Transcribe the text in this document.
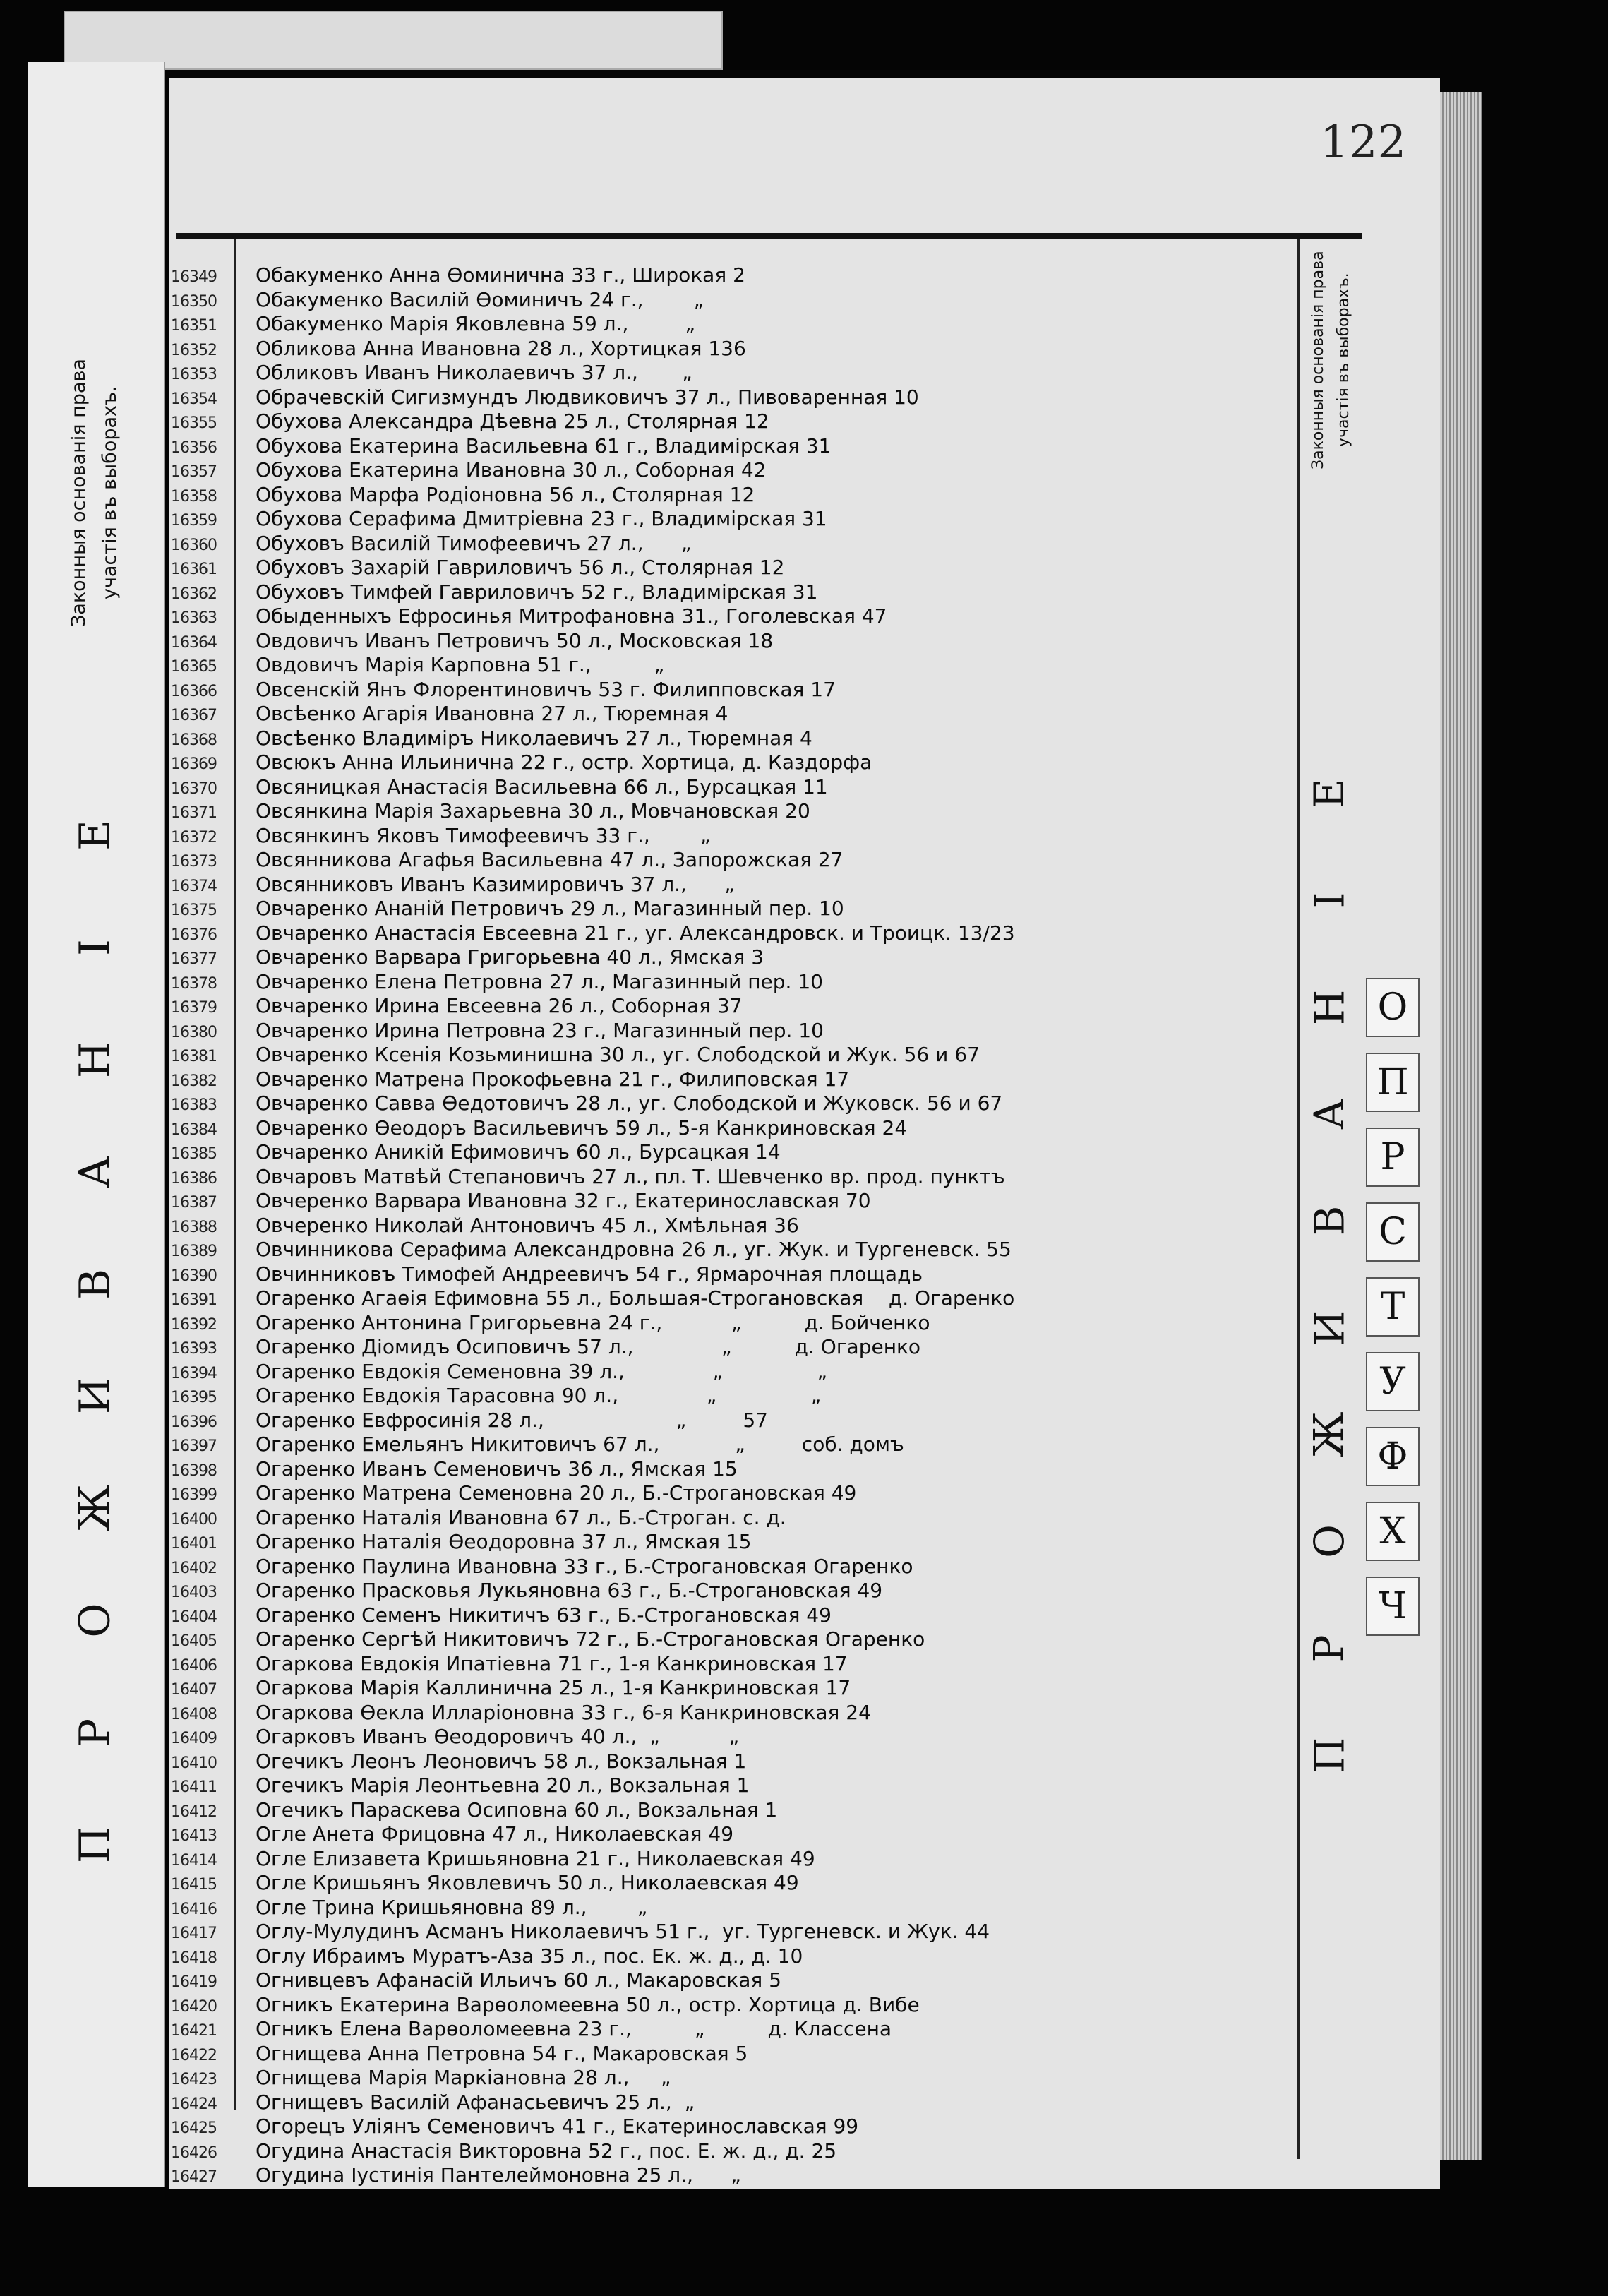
Законныя основанія права участія въ выборахъ.
Е
І
Н
А
В
И
Ж
О
Р
П
122
Законныя основанія права участія въ выборахъ.
Е
І
Н
А
В
И
Ж
О
Р
П
О
П
Р
С
Т
У
Ф
Х
Ч
16349	Обакуменко Анна Ѳоминична 33 г., Широкая 2
16350	Обакуменко Василій Ѳоминичъ 24 г.,        „
16351	Обакуменко Марія Яковлевна 59 л.,         „
16352	Обликова Анна Ивановна 28 л., Хортицкая 136
16353	Обликовъ Иванъ Николаевичъ 37 л.,       „
16354	Обрачевскій Сигизмундъ Людвиковичъ 37 л., Пивоваренная 10
16355	Обухова Александра Дѣевна 25 л., Столярная 12
16356	Обухова Екатерина Васильевна 61 г., Владимірская 31
16357	Обухова Екатерина Ивановна 30 л., Соборная 42
16358	Обухова Марфа Родіоновна 56 л., Столярная 12
16359	Обухова Серафима Дмитріевна 23 г., Владимірская 31
16360	Обуховъ Василій Тимофеевичъ 27 л.,      „
16361	Обуховъ Захарій Гавриловичъ 56 л., Столярная 12
16362	Обуховъ Тимфей Гавриловичъ 52 г., Владимірская 31
16363	Обыденныхъ Ефросинья Митрофановна 31., Гоголевская 47
16364	Овдовичъ Иванъ Петровичъ 50 л., Московская 18
16365	Овдовичъ Марія Карповна 51 г.,          „
16366	Овсенскій Янъ Флорентиновичъ 53 г. Филипповская 17
16367	Овсѣенко Агарія Ивановна 27 л., Тюремная 4
16368	Овсѣенко Владиміръ Николаевичъ 27 л., Тюремная 4
16369	Овсюкъ Анна Ильинична 22 г., остр. Хортица, д. Каздорфа
16370	Овсяницкая Анастасія Васильевна 66 л., Бурсацкая 11
16371	Овсянкина Марія Захарьевна 30 л., Мовчановская 20
16372	Овсянкинъ Яковъ Тимофеевичъ 33 г.,        „
16373	Овсянникова Агафья Васильевна 47 л., Запорожская 27
16374	Овсянниковъ Иванъ Казимировичъ 37 л.,      „
16375	Овчаренко Ананій Петровичъ 29 л., Магазинный пер. 10
16376	Овчаренко Анастасія Евсеевна 21 г., уг. Александровск. и Троицк. 13/23
16377	Овчаренко Варвара Григорьевна 40 л., Ямская 3
16378	Овчаренко Елена Петровна 27 л., Магазинный пер. 10
16379	Овчаренко Ирина Евсеевна 26 л., Соборная 37
16380	Овчаренко Ирина Петровна 23 г., Магазинный пер. 10
16381	Овчаренко Ксенія Козьминишна 30 л., уг. Слободской и Жук. 56 и 67
16382	Овчаренко Матрена Прокофьевна 21 г., Филиповская 17
16383	Овчаренко Савва Ѳедотовичъ 28 л., уг. Слободской и Жуковск. 56 и 67
16384	Овчаренко Ѳеодоръ Васильевичъ 59 л., 5-я Канкриновская 24
16385	Овчаренко Аникій Ефимовичъ 60 л., Бурсацкая 14
16386	Овчаровъ Матвѣй Степановичъ 27 л., пл. Т. Шевченко вр. прод. пунктъ
16387	Овчеренко Варвара Ивановна 32 г., Екатеринославская 70
16388	Овчеренко Николай Антоновичъ 45 л., Хмѣльная 36
16389	Овчинникова Серафима Александровна 26 л., уг. Жук. и Тургеневск. 55
16390	Овчинниковъ Тимофей Андреевичъ 54 г., Ярмарочная площадь
16391	Огаренко Агаѳія Ефимовна 55 л., Большая-Строгановская    д. Огаренко
16392	Огаренко Антонина Григорьевна 24 г.,           „          д. Бойченко
16393	Огаренко Діомидъ Осиповичъ 57 л.,              „          д. Огаренко
16394	Огаренко Евдокія Семеновна 39 л.,              „               „
16395	Огаренко Евдокія Тарасовна 90 л.,              „               „
16396	Огаренко Евфросинія 28 л.,                     „         57
16397	Огаренко Емельянъ Никитовичъ 67 л.,            „         соб. домъ
16398	Огаренко Иванъ Семеновичъ 36 л., Ямская 15
16399	Огаренко Матрена Семеновна 20 л., Б.-Строгановская 49
16400	Огаренко Наталія Ивановна 67 л., Б.-Строган. с. д.
16401	Огаренко Наталія Ѳеодоровна 37 л., Ямская 15
16402	Огаренко Паулина Ивановна 33 г., Б.-Строгановская Огаренко
16403	Огаренко Прасковья Лукьяновна 63 г., Б.-Строгановская 49
16404	Огаренко Семенъ Никитичъ 63 г., Б.-Строгановская 49
16405	Огаренко Сергѣй Никитовичъ 72 г., Б.-Строгановская Огаренко
16406	Огаркова Евдокія Ипатіевна 71 г., 1-я Канкриновская 17
16407	Огаркова Марія Каллинична 25 л., 1-я Канкриновская 17
16408	Огаркова Ѳекла Илларіоновна 33 г., 6-я Канкриновская 24
16409	Огарковъ Иванъ Ѳеодоровичъ 40 л.,  „           „
16410	Огечикъ Леонъ Леоновичъ 58 л., Вокзальная 1
16411	Огечикъ Марія Леонтьевна 20 л., Вокзальная 1
16412	Огечикъ Параскева Осиповна 60 л., Вокзальная 1
16413	Огле Анета Фрицовна 47 л., Николаевская 49
16414	Огле Елизавета Кришьяновна 21 г., Николаевская 49
16415	Огле Кришьянъ Яковлевичъ 50 л., Николаевская 49
16416	Огле Трина Кришьяновна 89 л.,        „
16417	Оглу-Мулудинъ Асманъ Николаевичъ 51 г.,  уг. Тургеневск. и Жук. 44
16418	Оглу Ибраимъ Муратъ-Аза 35 л., пос. Ек. ж. д., д. 10
16419	Огнивцевъ Афанасій Ильичъ 60 л., Макаровская 5
16420	Огникъ Екатерина Варѳоломеевна 50 л., остр. Хортица д. Вибе
16421	Огникъ Елена Варѳоломеевна 23 г.,          „          д. Классена
16422	Огнищева Анна Петровна 54 г., Макаровская 5
16423	Огнищева Марія Маркіановна 28 л.,     „
16424	Огнищевъ Василій Афанасьевичъ 25 л.,  „
16425	Огорецъ Уліянъ Семеновичъ 41 г., Екатеринославская 99
16426	Огудина Анастасія Викторовна 52 г., пос. Е. ж. д., д. 25
16427	Огудина Іустинія Пантелеймоновна 25 л.,      „
